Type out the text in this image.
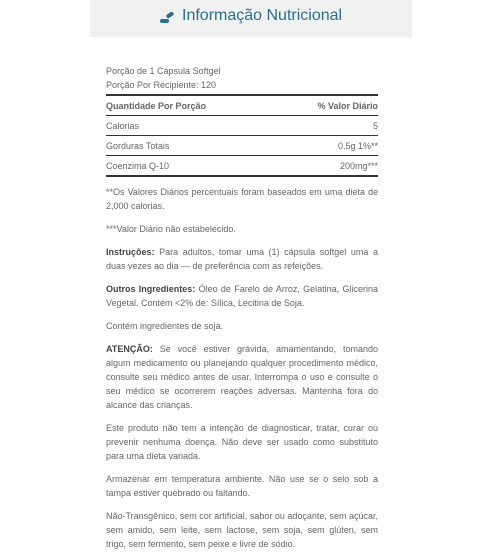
Informação Nutricional

Porção de 1 Cápsula Softgel

Porção Por Recipiente: 120

Quantidade Por Porção	% Valor Diário
Calorias	5
Gorduras Totais	0.5g 1%**
Coenzima Q-10	200mg***

**Os Valores Diários percentuais foram baseados em uma dieta de 2,000 calorias.

***Valor Diário não estabelecido.

Instruções: Para adultos, tomar uma (1) cápsula softgel uma a duas vezes ao dia — de preferência com as refeições.

Outros Ingredientes: Óleo de Farelo de Arroz, Gelatina, Glicerina Vegetal. Contém <2% de: Sílica, Lecitina de Soja.

Contém ingredientes de soja.

ATENÇÃO: Se você estiver grávida, amamentando, tomando algum medicamento ou planejando qualquer procedimento médico, consulte seu médico antes de usar. Interrompa o uso e consulte o seu médico se ocorrerem reações adversas. Mantenha fora do alcance das crianças.

Este produto não tem a intenção de diagnosticar, tratar, curar ou prevenir nenhuma doença. Não deve ser usado como substituto para uma dieta variada.

Armazenar em temperatura ambiente. Não use se o selo sob a tampa estiver quebrado ou faltando.

Não-Transgênico, sem cor artificial, sabor ou adoçante, sem açúcar, sem amido, sem leite, sem lactose, sem soja, sem glúten, sem trigo, sem fermento, sem peixe e livre de sódio.
